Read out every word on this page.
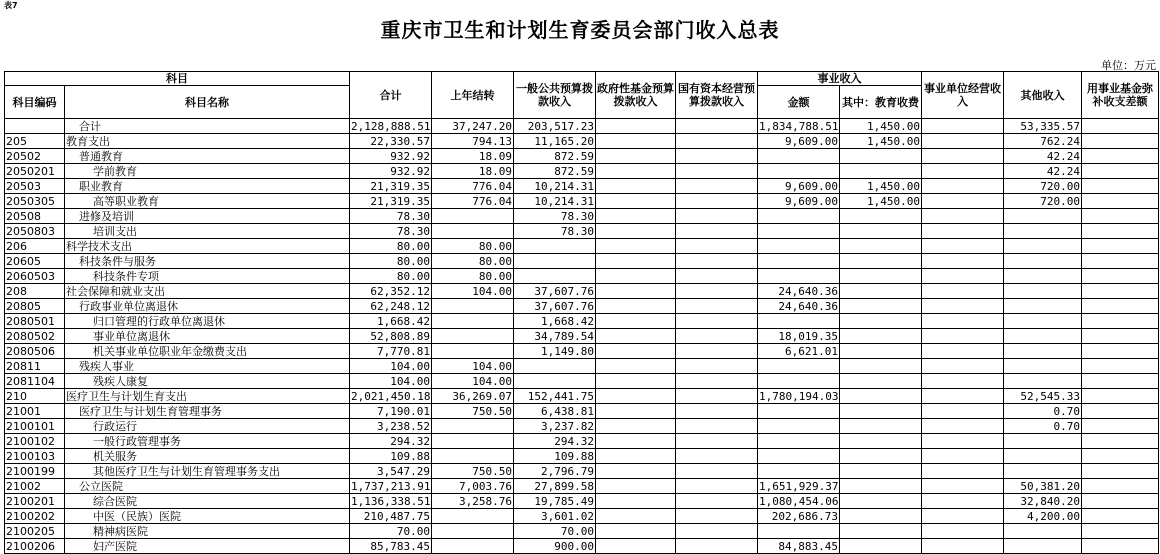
表7
重庆市卫生和计划生育委员会部门收入总表
单位：万元
科目		合计	上年结转	一般公共预算拨款收入	政府性基金预算拨款收入	国有资本经营预算拨款收入	事业收入		事业单位经营收入	其他收入	用事业基金弥补收支差额
科目编码	科目名称						金额	其中：教育收费			
	合计	2,128,888.51	37,247.20	203,517.23			1,834,788.51	1,450.00		53,335.57	
205	教育支出	22,330.57	794.13	11,165.20			9,609.00	1,450.00		762.24	
20502	普通教育	932.92	18.09	872.59						42.24	
2050201	学前教育	932.92	18.09	872.59						42.24	
20503	职业教育	21,319.35	776.04	10,214.31			9,609.00	1,450.00		720.00	
2050305	高等职业教育	21,319.35	776.04	10,214.31			9,609.00	1,450.00		720.00	
20508	进修及培训	78.30		78.30							
2050803	培训支出	78.30		78.30							
206	科学技术支出	80.00	80.00								
20605	科技条件与服务	80.00	80.00								
2060503	科技条件专项	80.00	80.00								
208	社会保障和就业支出	62,352.12	104.00	37,607.76			24,640.36				
20805	行政事业单位离退休	62,248.12		37,607.76			24,640.36				
2080501	归口管理的行政单位离退休	1,668.42		1,668.42							
2080502	事业单位离退休	52,808.89		34,789.54			18,019.35				
2080506	机关事业单位职业年金缴费支出	7,770.81		1,149.80			6,621.01				
20811	残疾人事业	104.00	104.00								
2081104	残疾人康复	104.00	104.00								
210	医疗卫生与计划生育支出	2,021,450.18	36,269.07	152,441.75			1,780,194.03			52,545.33	
21001	医疗卫生与计划生育管理事务	7,190.01	750.50	6,438.81						0.70	
2100101	行政运行	3,238.52		3,237.82						0.70	
2100102	一般行政管理事务	294.32		294.32							
2100103	机关服务	109.88		109.88							
2100199	其他医疗卫生与计划生育管理事务支出	3,547.29	750.50	2,796.79							
21002	公立医院	1,737,213.91	7,003.76	27,899.58			1,651,929.37			50,381.20	
2100201	综合医院	1,136,338.51	3,258.76	19,785.49			1,080,454.06			32,840.20	
2100202	中医（民族）医院	210,487.75		3,601.02			202,686.73			4,200.00	
2100205	精神病医院	70.00		70.00							
2100206	妇产医院	85,783.45		900.00			84,883.45				
